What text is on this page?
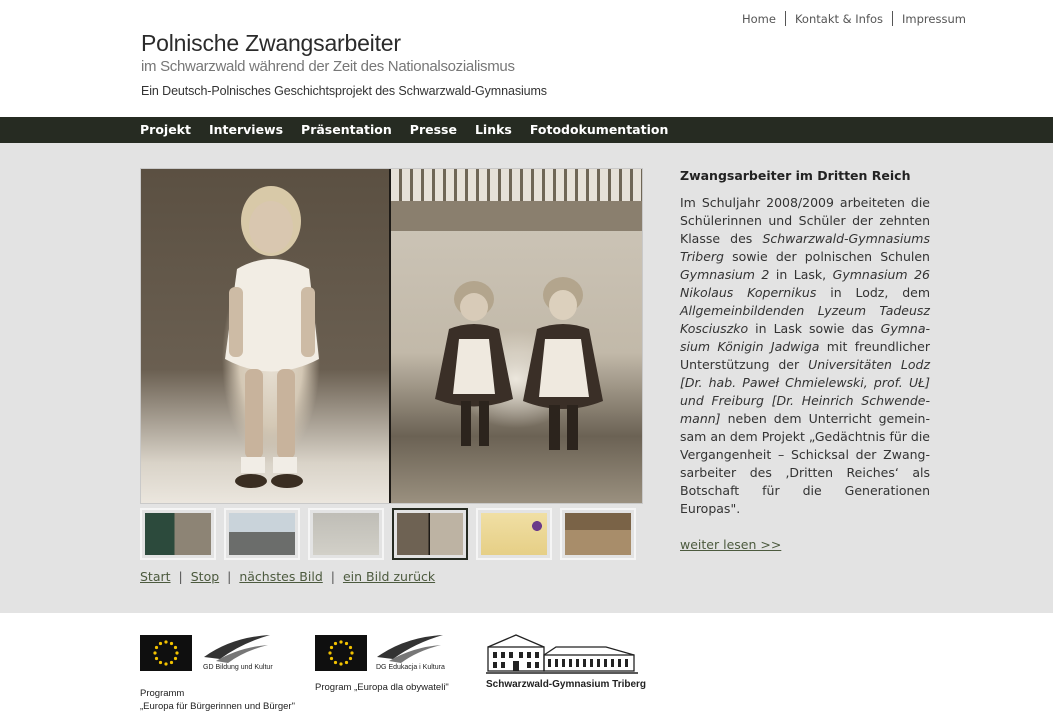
Home Kontakt & Infos Impressum
Polnische Zwangsarbeiter
im Schwarzwald während der Zeit des Nationalsozialismus
Ein Deutsch-Polnisches Geschichtsprojekt des Schwarzwald-Gymnasiums
Projekt Interviews Präsentation Presse Links Fotodokumentation
Start | Stop | nächstes Bild | ein Bild zurück
Zwangsarbeiter im Dritten Reich

Im Schuljahr 2008/2009 arbeiteten die Schülerinnen und Schüler der zehnten Klasse des Schwarzwald-Gymnasiums Triberg sowie der polnischen Schulen Gymnasium 2 in Lask, Gymnasium 26 Nikolaus Kopernikus in Lodz, dem Allgemeinbildenden Lyzeum Tadeusz Kosciuszko in Lask sowie das Gymnasium Königin Jadwiga mit freundlicher Unterstützung der Universitäten Lodz [Dr. hab. Paweł Chmielewski, prof. UŁ] und Freiburg [Dr. Heinrich Schwendemann] neben dem Unterricht gemeinsam an dem Projekt „Gedächtnis für die Vergangenheit – Schicksal der Zwangsarbeiter des ‚Dritten Reiches‘ als Botschaft für die Generationen Europas".

weiter lesen >>
GD Bildung und Kultur
Programm
„Europa für Bürgerinnen und Bürger"
DG Edukacja i Kultura
Program „Europa dla obywateli"	Schwarzwald-Gymnasium Triberg
